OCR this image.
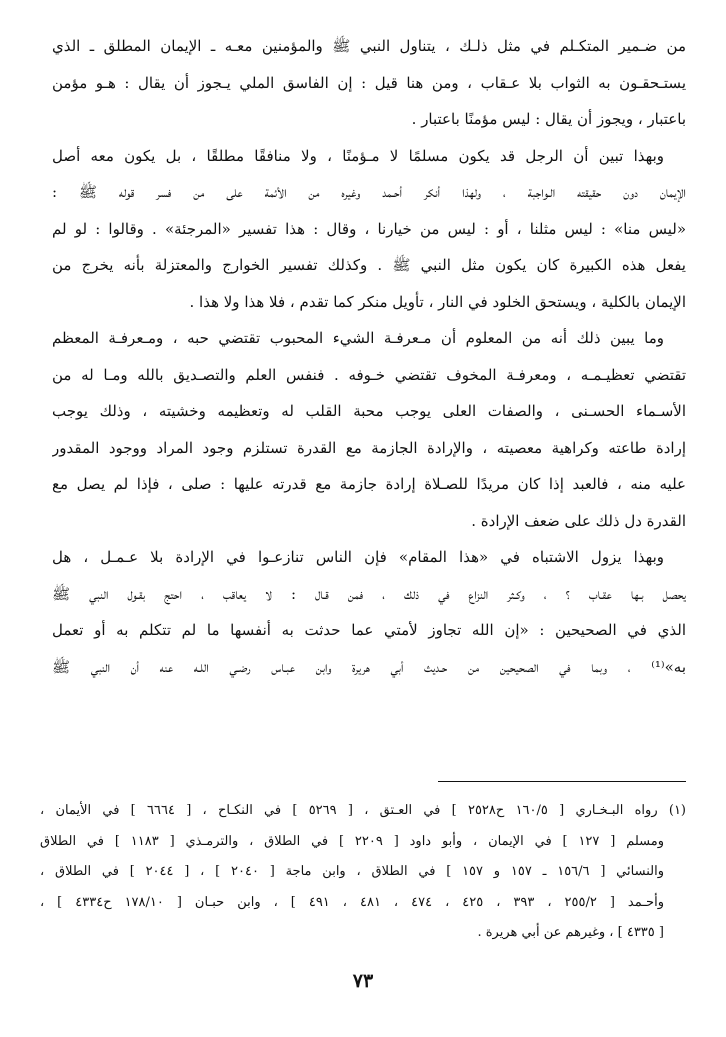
من ضـمير المتكـلم في مثل ذلـك ، يتناول النبي ﷺ والمؤمنين معـه ـ الإيمان المطلق ـ الذي
يستـحقـون به الثواب بلا عـقاب ، ومن هنا قيل : إن الفاسق الملي يـجوز أن يقال : هـو مؤمن
باعتبار ، ويجوز أن يقال : ليس مؤمنًا باعتبار .
وبهذا تبين أن الرجل قد يكون مسلمًا لا مـؤمنًا ، ولا منافقًا مطلقًا ، بل يكون معه أصل
الإيمان دون حقيقته الـواجبة ، ولهذا أنكر أحـمد وغيره من الأئمة على من فسر قوله ﷺ :
«ليس منا» : ليس مثلنا ، أو : ليس من خيارنا ، وقال : هذا تفسير «المرجئة» . وقالوا : لو لم
يفعل هذه الكبيرة كان يكون مثل النبي ﷺ . وكذلك تفسير الخوارج والمعتزلة بأنه يخرج من
الإيمان بالكلية ، ويستحق الخلود في النار ، تأويل منكر كما تقدم ، فلا هذا ولا هذا .
وما يبين ذلك أنه من المعلوم أن مـعرفـة الشيء المحبوب تقتضي حبه ، ومـعرفـة المعظم
تقتضي تعظيـمـه ، ومعرفـة المخوف تقتضي خـوفه . فنفس العلم والتصـديق بالله ومـا له من
الأسـماء الحسـنى ، والصفات العلى يوجب محبة القلب له وتعظيمه وخشيته ، وذلك يوجب
إرادة طاعته وكراهية معصيته ، والإرادة الجازمة مع القدرة تستلزم وجود المراد ووجود المقدور
عليه منه ، فالعبد إذا كان مريدًا للصـلاة إرادة جازمة مع قدرته عليها : صلى ، فإذا لم يصل مع
القدرة دل ذلك على ضعف الإرادة .
وبهذا يزول الاشتباه في «هذا المقام» فإن الناس تنازعـوا في الإرادة بلا عـمـل ، هل
يحصل بـها عقـاب ؟ ، وكـثر النزاع في ذلك ، فمن قـال : لا يعاقب ، احتج بقـول النبي ﷺ
الذي في الصحيحين : «إن الله تجاوز لأمتي عما حدثت به أنفسها ما لم تتكلم به أو تعمل
به»⁽¹⁾ ، وبما في الصحيحين من حـديث أبي هريرة وابن عبـاس رضـي اللـه عنه أن النبي ﷺ
(١) رواه البـخـاري [ ١٦٠/٥ ح٢٥٢٨ ] في العـتق ، [ ٥٢٦٩ ] في النكـاح ، [ ٦٦٦٤ ] في الأيمان ،
ومسلم [ ١٢٧ ] في الإيمان ، وأبو داود [ ٢٢٠٩ ] في الطلاق ، والترمـذي [ ١١٨٣ ] في الطلاق
والنسائي [ ١٥٦/٦ ـ ١٥٧ و ١٥٧ ] في الطلاق ، وابن ماجة [ ٢٠٤٠ ] ، [ ٢٠٤٤ ] في الطلاق ،
وأحـمد [ ٢٥٥/٢ ، ٣٩٣ ، ٤٢٥ ، ٤٧٤ ، ٤٨١ ، ٤٩١ ] ، وابن حبـان [ ١٧٨/١٠ ح٤٣٣٤ ] ،
[ ٤٣٣٥ ] ، وغيرهم عن أبي هريرة .
٧٣
